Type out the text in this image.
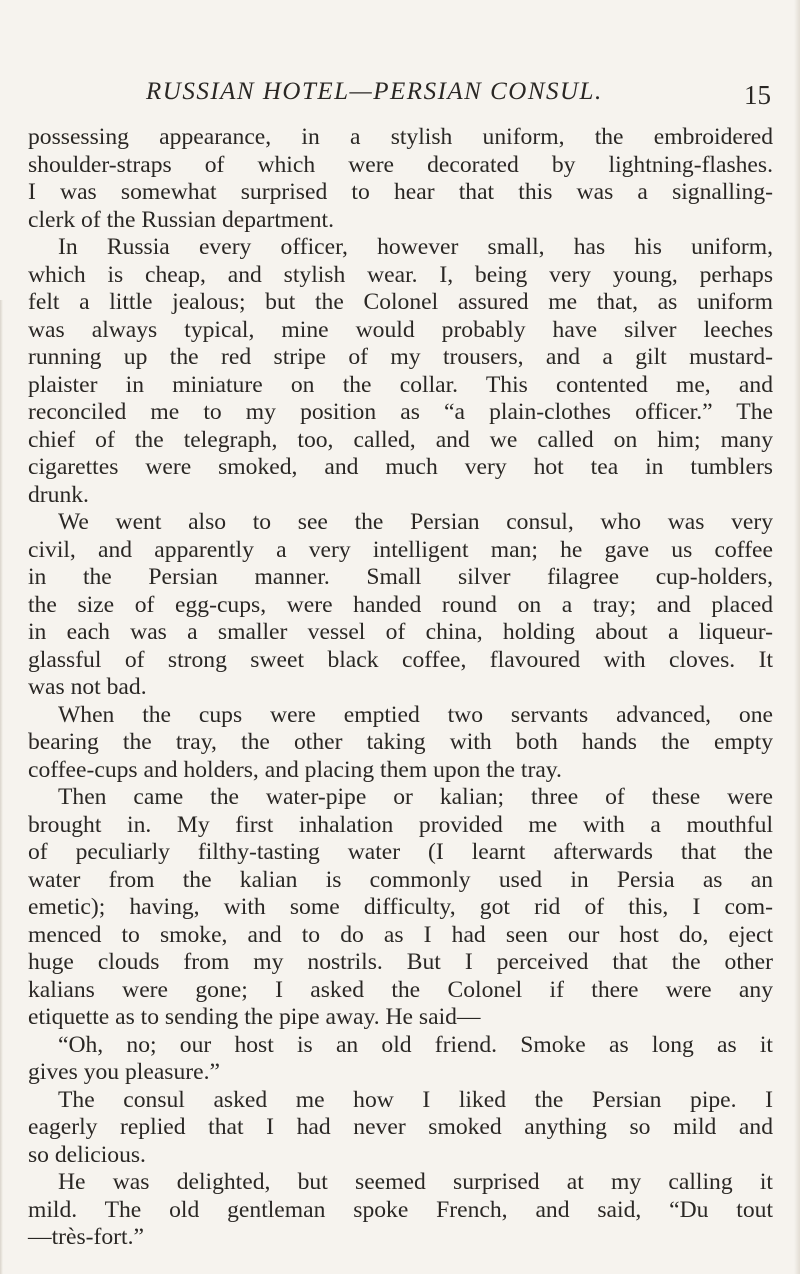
RUSSIAN HOTEL—PERSIAN CONSUL.	15

possessing appearance, in a stylish uniform, the embroidered
shoulder-straps of which were decorated by lightning-flashes.
I was somewhat surprised to hear that this was a signalling-
clerk of the Russian department.

In Russia every officer, however small, has his uniform,
which is cheap, and stylish wear. I, being very young, perhaps
felt a little jealous; but the Colonel assured me that, as uniform
was always typical, mine would probably have silver leeches
running up the red stripe of my trousers, and a gilt mustard-
plaister in miniature on the collar. This contented me, and
reconciled me to my position as “a plain-clothes officer.” The
chief of the telegraph, too, called, and we called on him; many
cigarettes were smoked, and much very hot tea in tumblers
drunk.

We went also to see the Persian consul, who was very
civil, and apparently a very intelligent man; he gave us coffee
in the Persian manner. Small silver filagree cup-holders,
the size of egg-cups, were handed round on a tray; and placed
in each was a smaller vessel of china, holding about a liqueur-
glassful of strong sweet black coffee, flavoured with cloves. It
was not bad.

When the cups were emptied two servants advanced, one
bearing the tray, the other taking with both hands the empty
coffee-cups and holders, and placing them upon the tray.

Then came the water-pipe or kalian; three of these were
brought in. My first inhalation provided me with a mouthful
of peculiarly filthy-tasting water (I learnt afterwards that the
water from the kalian is commonly used in Persia as an
emetic); having, with some difficulty, got rid of this, I com-
menced to smoke, and to do as I had seen our host do, eject
huge clouds from my nostrils. But I perceived that the other
kalians were gone; I asked the Colonel if there were any
etiquette as to sending the pipe away. He said—

“Oh, no; our host is an old friend. Smoke as long as it
gives you pleasure.”

The consul asked me how I liked the Persian pipe. I
eagerly replied that I had never smoked anything so mild and
so delicious.

He was delighted, but seemed surprised at my calling it
mild. The old gentleman spoke French, and said, “Du tout
—très-fort.”
